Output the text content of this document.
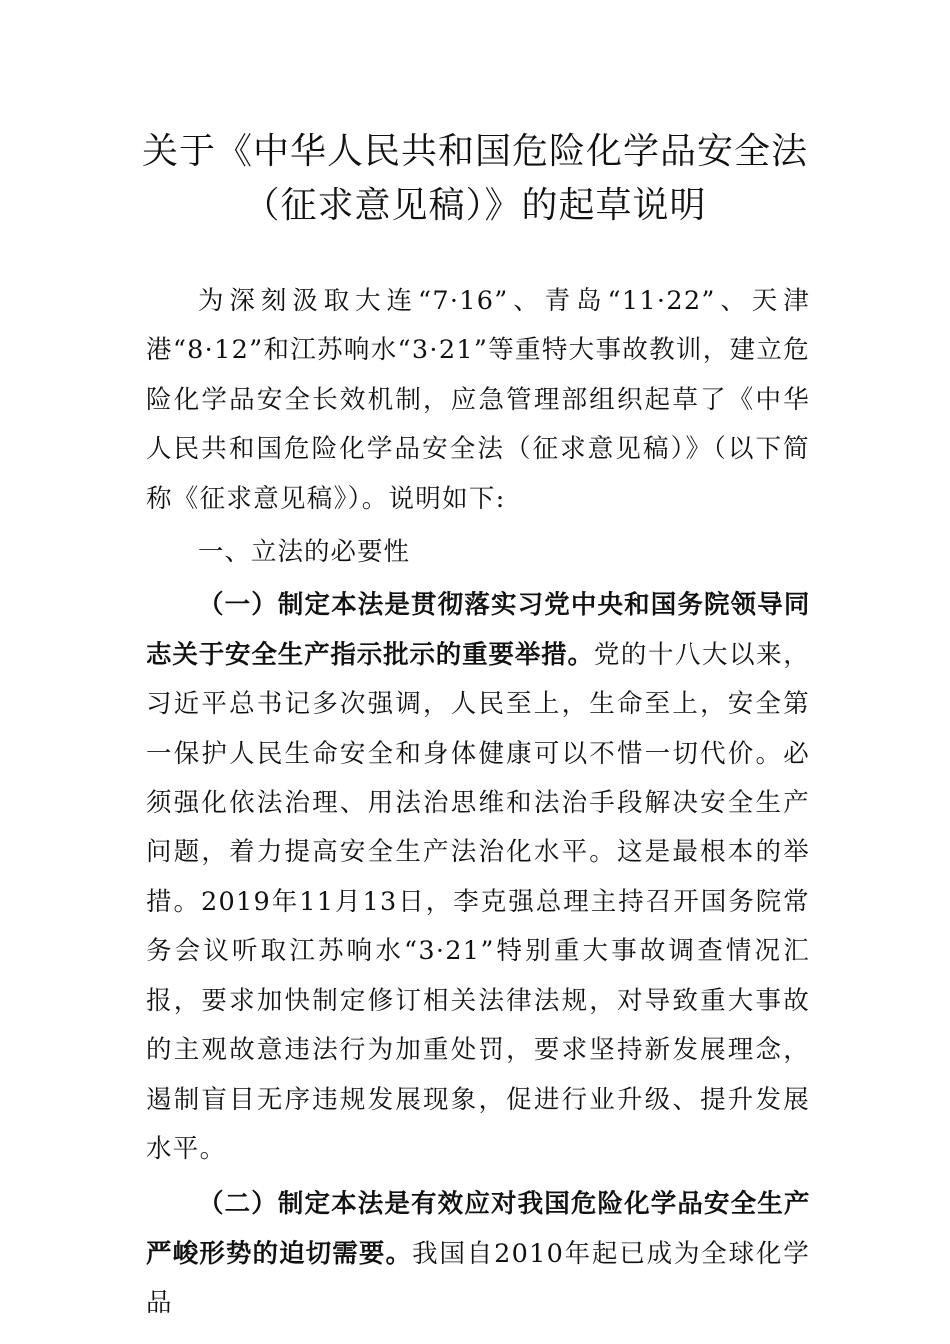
关于《中华人民共和国危险化学品安全法
（征求意见稿）》的起草说明

为深刻汲取大连“7·16”、青岛“11·22”、天津港“8·12”和江苏响水“3·21”等重特大事故教训，建立危险化学品安全长效机制，应急管理部组织起草了《中华人民共和国危险化学品安全法（征求意见稿）》（以下简称《征求意见稿》）。说明如下:

一、立法的必要性

（一）制定本法是贯彻落实习党中央和国务院领导同志关于安全生产指示批示的重要举措。党的十八大以来，习近平总书记多次强调，人民至上，生命至上，安全第一保护人民生命安全和身体健康可以不惜一切代价。必须强化依法治理、用法治思维和法治手段解决安全生产问题，着力提高安全生产法治化水平。这是最根本的举措。2019年11月13日，李克强总理主持召开国务院常务会议听取江苏响水“3·21”特别重大事故调查情况汇报，要求加快制定修订相关法律法规，对导致重大事故的主观故意违法行为加重处罚，要求坚持新发展理念，遏制盲目无序违规发展现象，促进行业升级、提升发展水平。

（二）制定本法是有效应对我国危险化学品安全生产严峻形势的迫切需要。我国自2010年起已成为全球化学品
